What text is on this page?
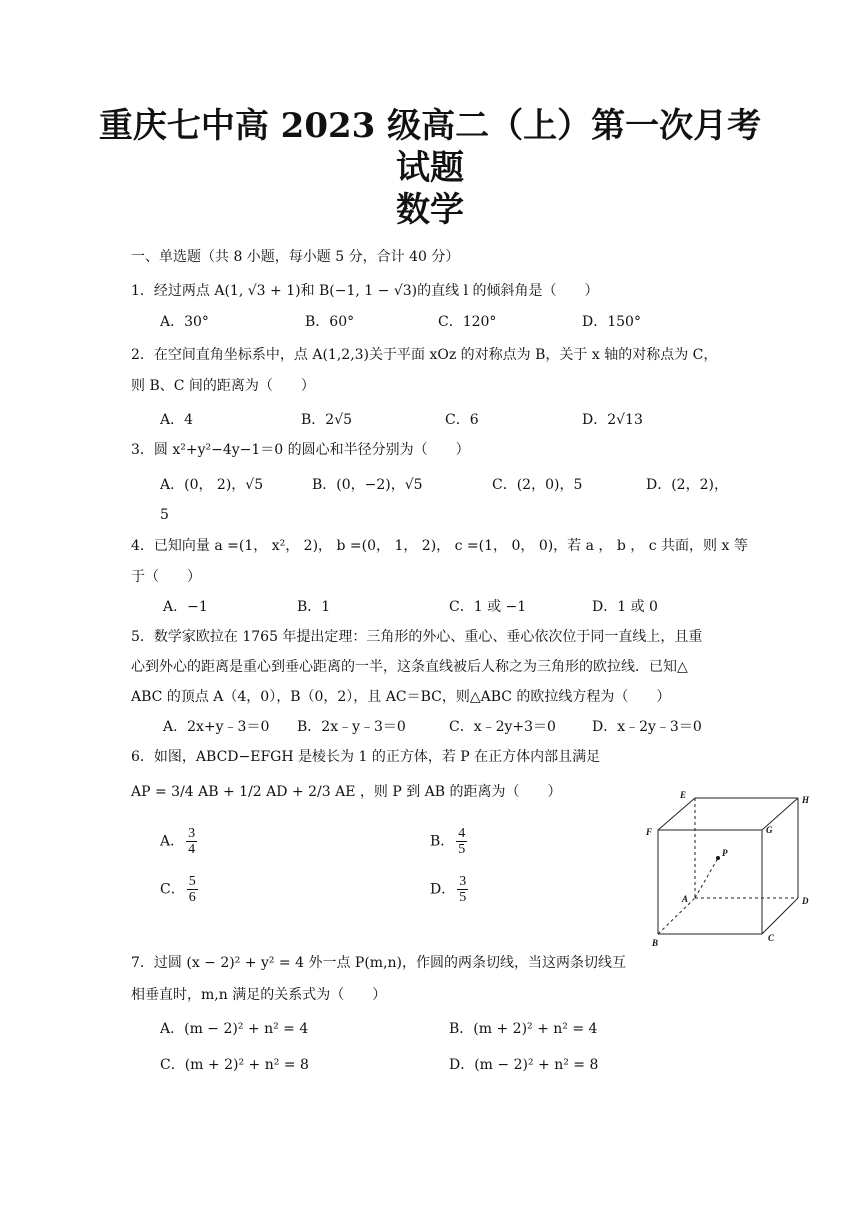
重庆七中高 2023 级高二（上）第一次月考
试题
数学
一、单选题（共 8 小题，每小题 5 分，合计 40 分）
1．经过两点 A(1, √3 + 1)和 B(−1, 1 − √3)的直线 l 的倾斜角是（　　）
A．30°	B．60°	C．120°	D．150°
2．在空间直角坐标系中，点 A(1,2,3)关于平面 xOz 的对称点为 B，关于 x 轴的对称点为 C，
则 B、C 间的距离为（　　）
A．4	B．2√5	C．6	D．2√13
3．圆 x²+y²−4y−1＝0 的圆心和半径分别为（　　）
A．(0， 2)，√5	B．(0，−2)，√5	C．(2，0)，5	D．(2，2)，
5
4．已知向量 a =(1， x²， 2)， b =(0， 1， 2)， c =(1， 0， 0)，若 a ， b ， c 共面，则 x 等
于（　　）
A．−1	B．1	C．1 或 −1	D．1 或 0
5．数学家欧拉在 1765 年提出定理：三角形的外心、重心、垂心依次位于同一直线上，且重
心到外心的距离是重心到垂心距离的一半，这条直线被后人称之为三角形的欧拉线．已知△
ABC 的顶点 A（4，0），B（0，2），且 AC＝BC，则△ABC 的欧拉线方程为（　　）
A．2x+y﹣3＝0 B．2x﹣y﹣3＝0	C．x﹣2y+3＝0	D．x﹣2y﹣3＝0
6．如图，ABCD−EFGH 是棱长为 1 的正方体，若 P 在正方体内部且满足
AP = 3/4 AB + 1/2 AD + 2/3 AE ，则 P 到 AB 的距离为（　　）
A． $\frac{3}{4}$	B． $\frac{4}{5}$
C． $\frac{5}{6}$	D． $\frac{3}{5}$
E	H
F	G
P
A	D
B	C
7．过圆 (x − 2)² + y² = 4 外一点 P(m,n)，作圆的两条切线，当这两条切线互
相垂直时，m,n 满足的关系式为（　　）
A．(m − 2)² + n² = 4	B．(m + 2)² + n² = 4
C．(m + 2)² + n² = 8	D．(m − 2)² + n² = 8
